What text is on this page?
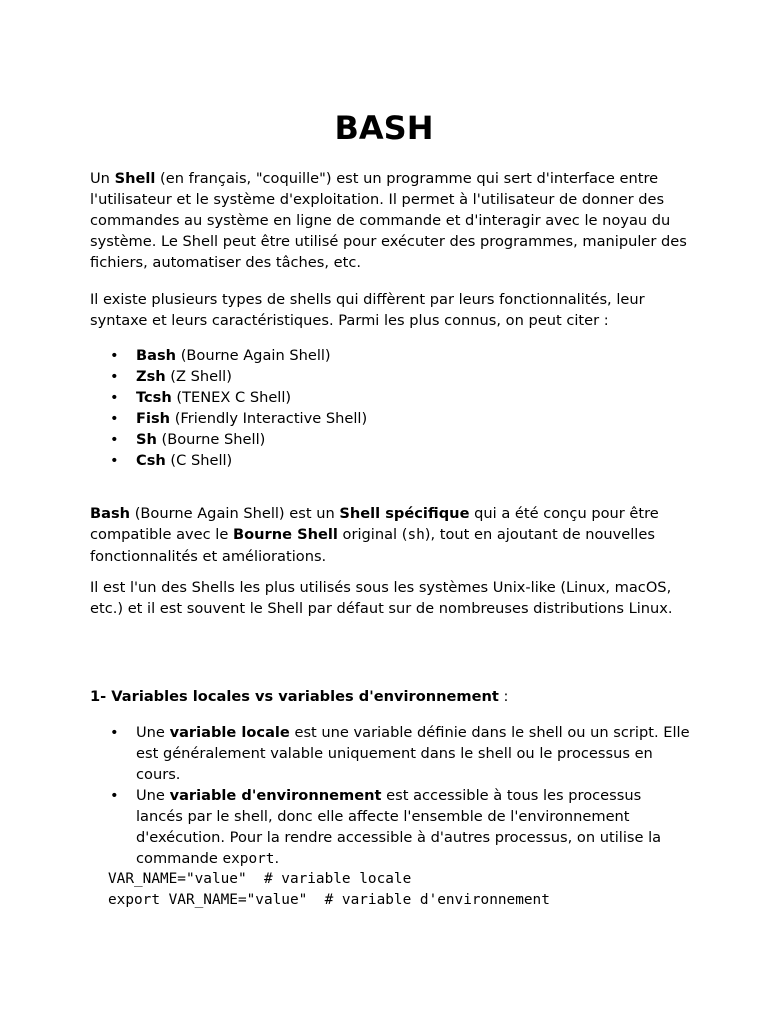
BASH

Un Shell (en français, "coquille") est un programme qui sert d'interface entre l'utilisateur et le système d'exploitation. Il permet à l'utilisateur de donner des commandes au système en ligne de commande et d'interagir avec le noyau du système. Le Shell peut être utilisé pour exécuter des programmes, manipuler des fichiers, automatiser des tâches, etc.

Il existe plusieurs types de shells qui diffèrent par leurs fonctionnalités, leur syntaxe et leurs caractéristiques. Parmi les plus connus, on peut citer :

• Bash (Bourne Again Shell)
• Zsh (Z Shell)
• Tcsh (TENEX C Shell)
• Fish (Friendly Interactive Shell)
• Sh (Bourne Shell)
• Csh (C Shell)

Bash (Bourne Again Shell) est un Shell spécifique qui a été conçu pour être compatible avec le Bourne Shell original (sh), tout en ajoutant de nouvelles fonctionnalités et améliorations.

Il est l'un des Shells les plus utilisés sous les systèmes Unix-like (Linux, macOS, etc.) et il est souvent le Shell par défaut sur de nombreuses distributions Linux.

1- Variables locales vs variables d'environnement :

• Une variable locale est une variable définie dans le shell ou un script. Elle est généralement valable uniquement dans le shell ou le processus en cours.
• Une variable d'environnement est accessible à tous les processus lancés par le shell, donc elle affecte l'ensemble de l'environnement d'exécution. Pour la rendre accessible à d'autres processus, on utilise la commande export.
VAR_NAME="value"  # variable locale
export VAR_NAME="value"  # variable d'environnement
